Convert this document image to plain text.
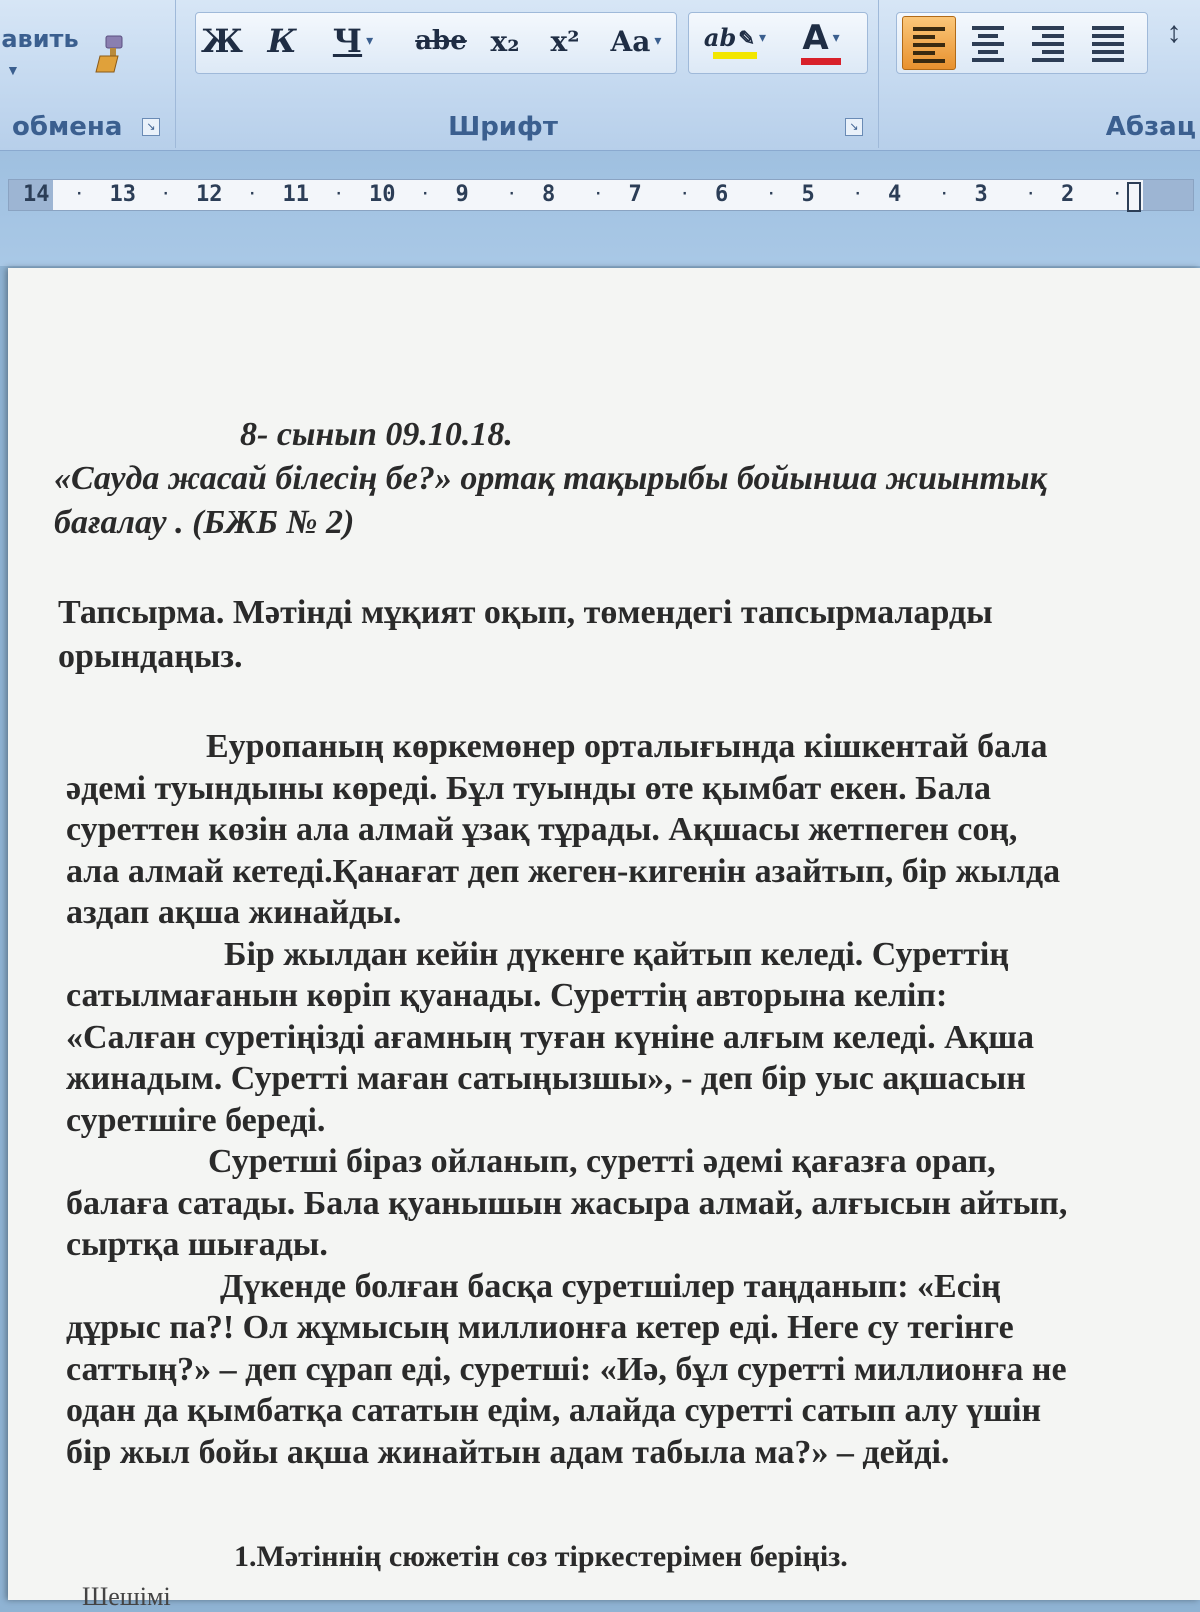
авить
▼
обмена	↘
Ж К Ч ▾ abe x₂	x²	Aa ▾ ab ✎ ▾ A ▾
Шрифт	↘
↕
Абзац
14 · 13 · 12 · 11 · 10 · 9	· 8	· 7	· 6	· 5	· 4	· 3	· 2	·
8- сынып 09.10.18.
«Сауда жасай білесің бе?» ортақ тақырыбы бойынша жиынтық
бағалау . (БЖБ № 2)
Тапсырма. Мәтінді мұқият оқып, төмендегі тапсырмаларды
орындаңыз.
Еуропаның көркемөнер орталығында кішкентай бала
әдемі туындыны көреді. Бұл туынды өте қымбат екен. Бала
суреттен көзін ала алмай ұзақ тұрады. Ақшасы жетпеген соң,
ала алмай кетеді.Қанағат деп жеген-кигенін азайтып, бір жылда
аздап ақша жинайды.
Бір жылдан кейін дүкенге қайтып келеді. Суреттің
сатылмағанын көріп қуанады. Суреттің авторына келіп:
«Салған суретіңізді ағамның туған күніне алғым келеді. Ақша
жинадым. Суретті маған сатыңызшы», - деп бір уыс ақшасын
суретшіге береді.
Суретші біраз ойланып, суретті әдемі қағазға орап,
балаға сатады. Бала қуанышын жасыра алмай, алғысын айтып,
сыртқа шығады.
Дүкенде болған басқа суретшілер таңданып: «Есің
дұрыс па?! Ол жұмысың миллионға кетер еді. Неге су тегінге
саттың?» – деп сұрап еді, суретші: «Иә, бұл суретті миллионға не
одан да қымбатқа сататын едім, алайда суретті сатып алу үшін
бір жыл бойы ақша жинайтын адам табыла ма?» – дейді.
1.Мәтіннің сюжетін сөз тіркестерімен беріңіз.
Шешімі
